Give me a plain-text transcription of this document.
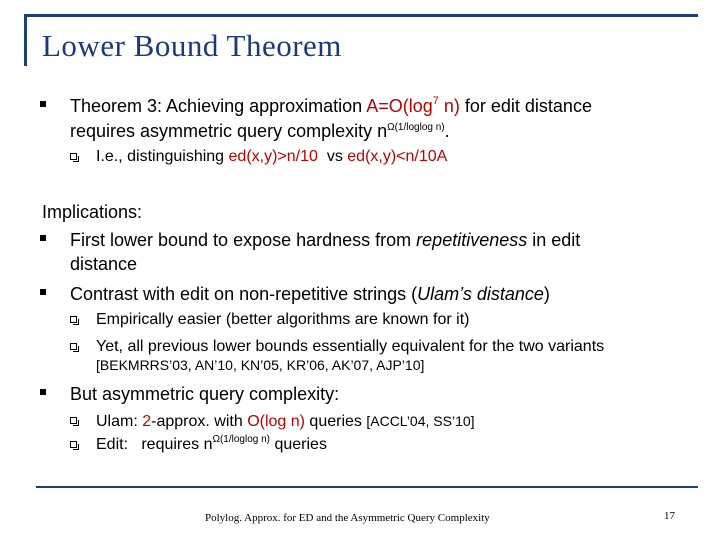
Lower Bound Theorem
Theorem 3: Achieving approximation $A=O(\log^7$ n) for edit distance
requires asymmetric query complexity $n^{\Omega(1/loglog n)}$.
I.e., distinguishing ed(x,y)>n/10  vs ed(x,y)<n/10A
Implications:
First lower bound to expose hardness from repetitiveness in edit
distance
Contrast with edit on non-repetitive strings (Ulam’s distance)
Empirically easier (better algorithms are known for it)
Yet, all previous lower bounds essentially equivalent for the two variants
[BEKMRRS’03, AN’10, KN’05, KR’06, AK’07, AJP’10]
But asymmetric query complexity:
Ulam: 2-approx. with O(log n) queries [ACCL’04, SS’10]
Edit:   requires $n^{\Omega(1/loglog n)}$ queries
Polylog. Approx. for ED and the Asymmetric Query Complexity	17
